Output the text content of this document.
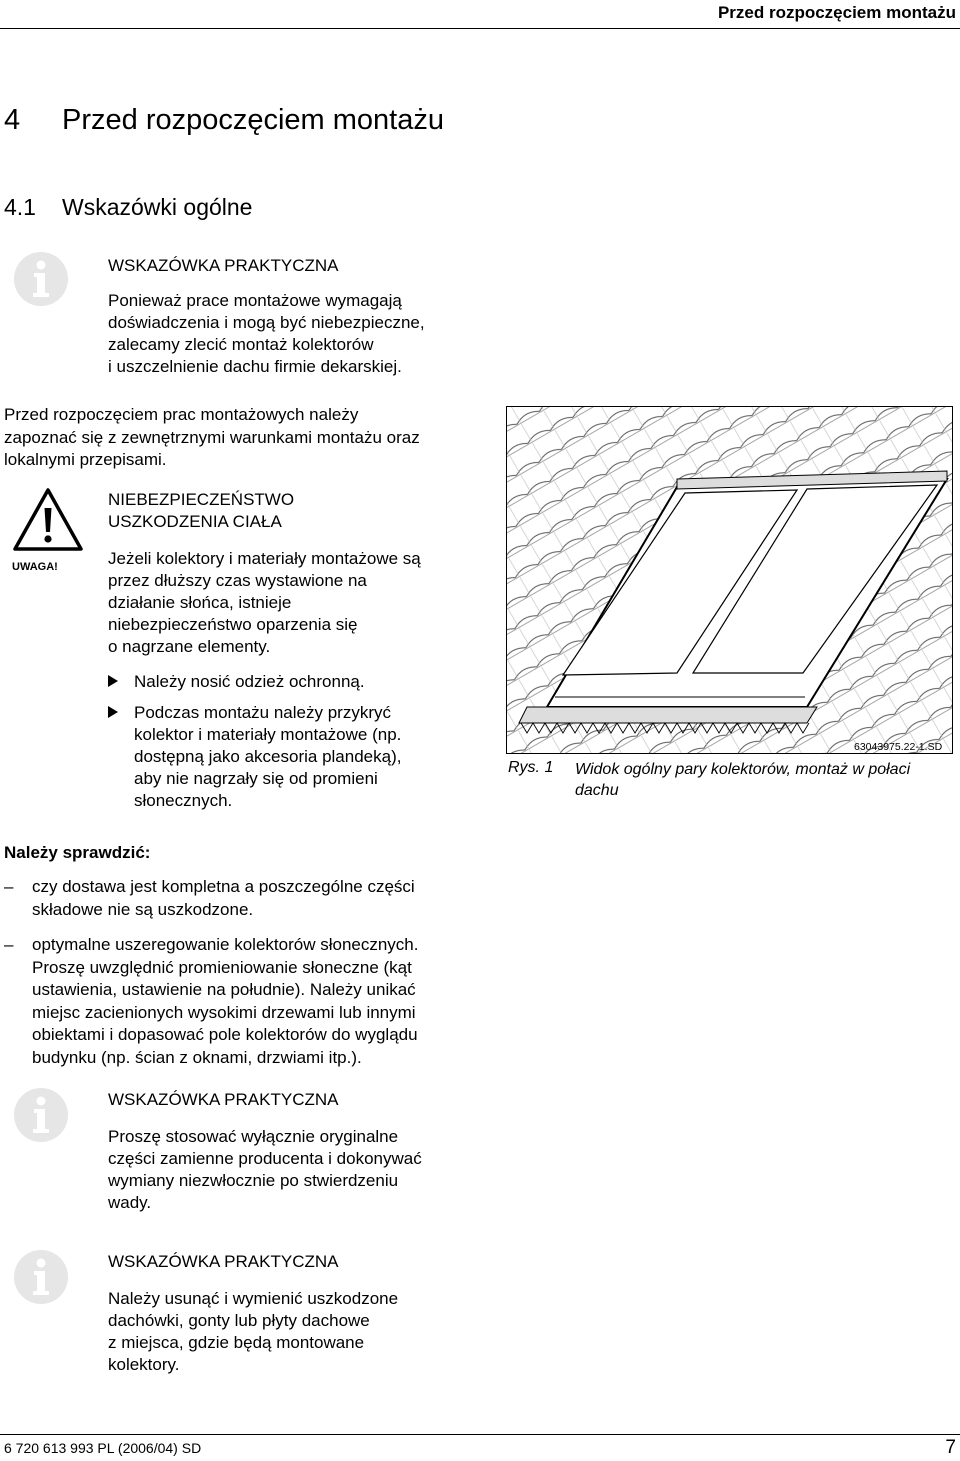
Przed rozpoczęciem montażu
4 Przed rozpoczęciem montażu
4.1 Wskazówki ogólne
WSKAZÓWKA PRAKTYCZNA
Ponieważ prace montażowe wymagają
doświadczenia i mogą być niebezpieczne,
zalecamy zlecić montaż kolektorów
i uszczelnienie dachu firmie dekarskiej.
Przed rozpoczęciem prac montażowych należy
zapoznać się z zewnętrznymi warunkami montażu oraz
lokalnymi przepisami.
UWAGA!
NIEBEZPIECZEŃSTWO
USZKODZENIA CIAŁA
Jeżeli kolektory i materiały montażowe są
przez dłuższy czas wystawione na
działanie słońca, istnieje
niebezpieczeństwo oparzenia się
o nagrzane elementy.
Należy nosić odzież ochronną.
Podczas montażu należy przykryć
kolektor i materiały montażowe (np.
dostępną jako akcesoria plandeką),
aby nie nagrzały się od promieni
słonecznych.
63043975.22-1.SD
Rys. 1 Widok ogólny pary kolektorów, montaż w połaci
dachu
Należy sprawdzić:
– czy dostawa jest kompletna a poszczególne części
składowe nie są uszkodzone.
– optymalne uszeregowanie kolektorów słonecznych.
Proszę uwzględnić promieniowanie słoneczne (kąt
ustawienia, ustawienie na południe). Należy unikać
miejsc zacienionych wysokimi drzewami lub innymi
obiektami i dopasować pole kolektorów do wyglądu
budynku (np. ścian z oknami, drzwiami itp.).
WSKAZÓWKA PRAKTYCZNA
Proszę stosować wyłącznie oryginalne
części zamienne producenta i dokonywać
wymiany niezwłocznie po stwierdzeniu
wady.
WSKAZÓWKA PRAKTYCZNA
Należy usunąć i wymienić uszkodzone
dachówki, gonty lub płyty dachowe
z miejsca, gdzie będą montowane
kolektory.
6 720 613 993 PL (2006/04) SD	7
